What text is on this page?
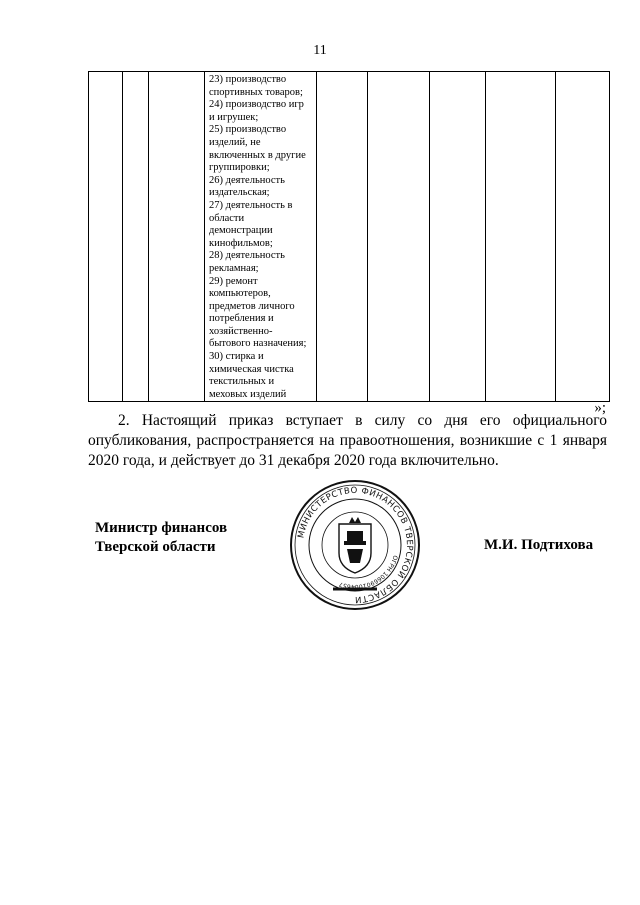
11

23) производство
спортивных товаров;
24) производство игр
и игрушек;
25) производство
изделий, не
включенных в другие
группировки;
26) деятельность
издательская;
27) деятельность в
области
демонстрации
кинофильмов;
28) деятельность
рекламная;
29) ремонт
компьютеров,
предметов личного
потребления и
хозяйственно-
бытового назначения;
30) стирка и
химическая чистка
текстильных и
меховых изделий

»;
2. Настоящий приказ вступает в силу со дня его официального
опубликования, распространяется на правоотношения, возникшие с 1 января
2020 года, и действует до 31 декабря 2020 года включительно.
Министр финансов
Тверской области	М.И. Подтихова
МИНИСТЕРСТВО ФИНАНСОВ ТВЕРСКОЙ ОБЛАСТИ
ОГРН 1066901004657
